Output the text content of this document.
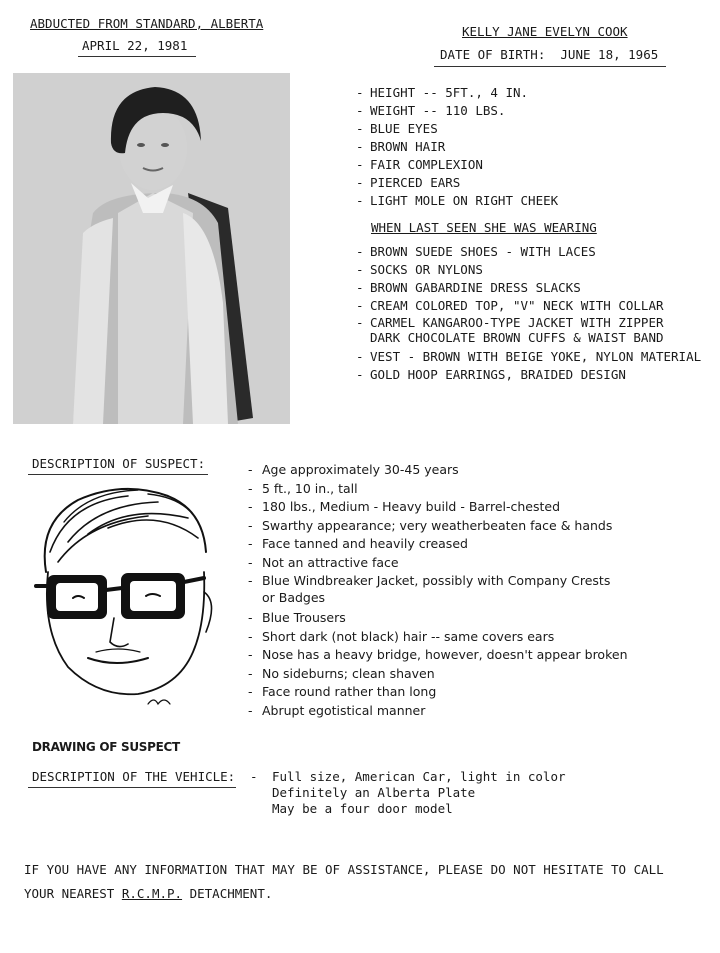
ABDUCTED FROM STANDARD, ALBERTA
APRIL 22, 1981
KELLY JANE EVELYN COOK
DATE OF BIRTH:  JUNE 18, 1965
- HEIGHT -- 5FT., 4 IN.
- WEIGHT -- 110 LBS.
- BLUE EYES
- BROWN HAIR
- FAIR COMPLEXION
- PIERCED EARS
- LIGHT MOLE ON RIGHT CHEEK
WHEN LAST SEEN SHE WAS WEARING
- BROWN SUEDE SHOES - WITH LACES
- SOCKS OR NYLONS
- BROWN GABARDINE DRESS SLACKS
- CREAM COLORED TOP, "V" NECK WITH COLLAR
- CARMEL KANGAROO-TYPE JACKET WITH ZIPPER
DARK CHOCOLATE BROWN CUFFS & WAIST BAND
- VEST - BROWN WITH BEIGE YOKE, NYLON MATERIAL
- GOLD HOOP EARRINGS, BRAIDED DESIGN
DESCRIPTION OF SUSPECT:
-	Age approximately 30-45 years
- 5 ft., 10 in., tall
- 180 lbs., Medium - Heavy build - Barrel-chested
- Swarthy appearance; very weatherbeaten face & hands
- Face tanned and heavily creased
- Not an attractive face
- Blue Windbreaker Jacket, possibly with Company Crests
or Badges
- Blue Trousers
- Short dark (not black) hair -- same covers ears
- Nose has a heavy bridge, however, doesn't appear broken
- No sideburns; clean shaven
- Face round rather than long
- Abrupt egotistical manner
DRAWING OF SUSPECT
DESCRIPTION OF THE VEHICLE: - Full size, American Car, light in color
Definitely an Alberta Plate
May be a four door model
IF YOU HAVE ANY INFORMATION THAT MAY BE OF ASSISTANCE, PLEASE DO NOT HESITATE TO CALL
YOUR NEAREST R.C.M.P. DETACHMENT.
